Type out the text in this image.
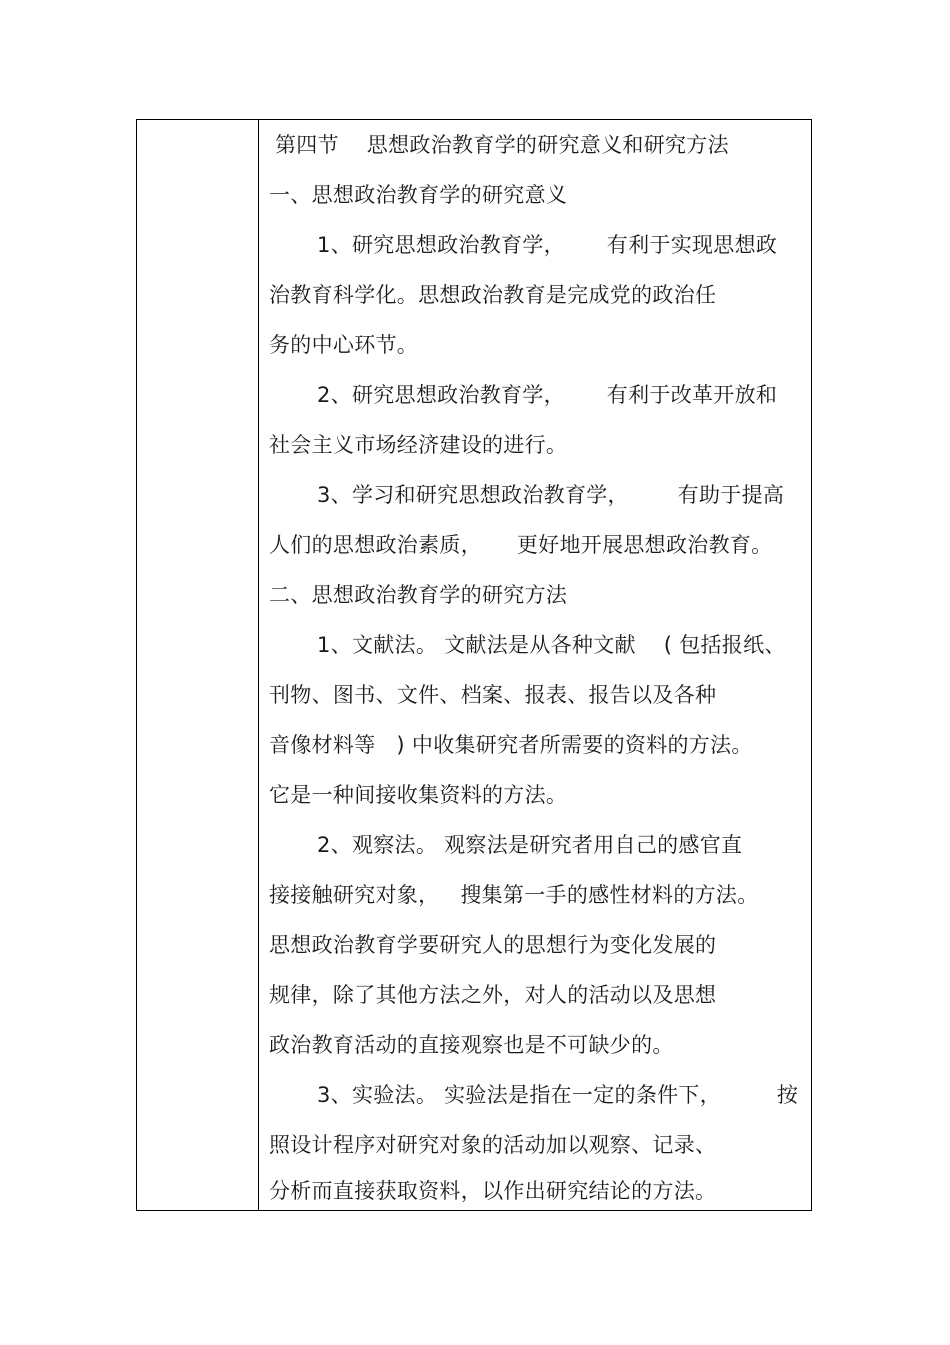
第四节    思想政治教育学的研究意义和研究方法
一、思想政治教育学的研究意义
1、研究思想政治教育学，      有利于实现思想政
治教育科学化。思想政治教育是完成党的政治任
务的中心环节。
2、研究思想政治教育学，      有利于改革开放和
社会主义市场经济建设的进行。
3、学习和研究思想政治教育学，       有助于提高
人们的思想政治素质，     更好地开展思想政治教育。
二、思想政治教育学的研究方法
1、文献法。 文献法是从各种文献    ( 包括报纸、
刊物、图书、文件、档案、报表、报告以及各种
音像材料等   ) 中收集研究者所需要的资料的方法。
它是一种间接收集资料的方法。
2、观察法。 观察法是研究者用自己的感官直
接接触研究对象，   搜集第一手的感性材料的方法。
思想政治教育学要研究人的思想行为变化发展的
规律，除了其他方法之外，对人的活动以及思想
政治教育活动的直接观察也是不可缺少的。
3、实验法。 实验法是指在一定的条件下，        按
照设计程序对研究对象的活动加以观察、记录、
分析而直接获取资料，以作出研究结论的方法。
